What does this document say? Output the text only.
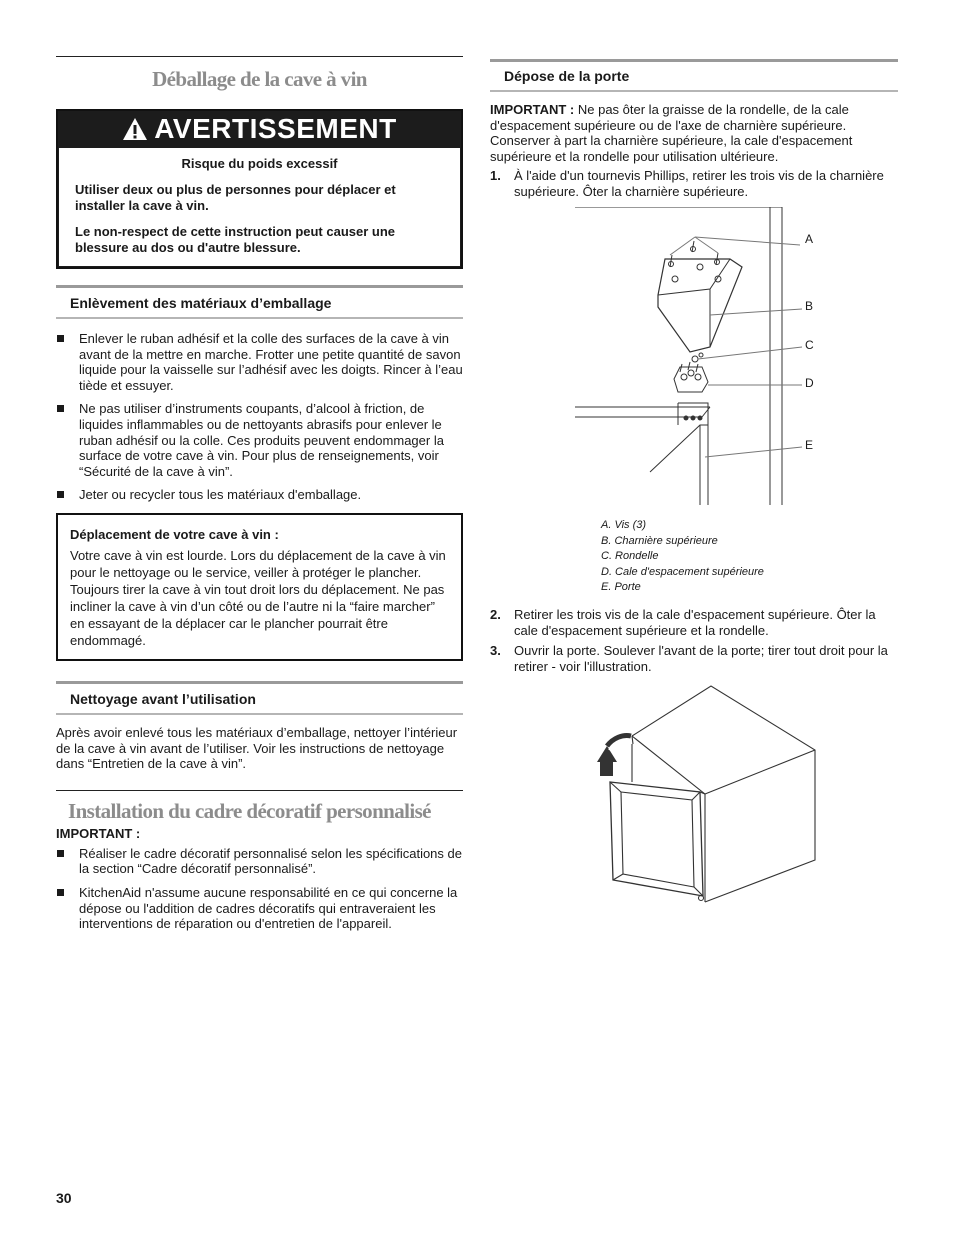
Déballage de la cave à vin
AVERTISSEMENT

Risque du poids excessif

Utiliser deux ou plus de personnes pour déplacer et installer la cave à vin.

Le non-respect de cette instruction peut causer une blessure au dos ou d'autre blessure.

Enlèvement des matériaux d’emballage
Enlever le ruban adhésif et la colle des surfaces de la cave à vin avant de la mettre en marche. Frotter une petite quantité de savon liquide pour la vaisselle sur l’adhésif avec les doigts. Rincer à l’eau tiède et essuyer.
Ne pas utiliser d’instruments coupants, d’alcool à friction, de liquides inflammables ou de nettoyants abrasifs pour enlever le ruban adhésif ou la colle. Ces produits peuvent endommager la surface de votre cave à vin. Pour plus de renseignements, voir “Sécurité de la cave à vin”.
Jeter ou recycler tous les matériaux d'emballage.

Déplacement de votre cave à vin :

Votre cave à vin est lourde. Lors du déplacement de la cave à vin pour le nettoyage ou le service, veiller à protéger le plancher. Toujours tirer la cave à vin tout droit lors du déplacement. Ne pas incliner la cave à vin d’un côté ou de l’autre ni la “faire marcher” en essayant de la déplacer car le plancher pourrait être endommagé.

Nettoyage avant l’utilisation

Après avoir enlevé tous les matériaux d’emballage, nettoyer l’intérieur de la cave à vin avant de l’utiliser. Voir les instructions de nettoyage dans “Entretien de la cave à vin”.

Installation du cadre décoratif personnalisé

IMPORTANT :

Réaliser le cadre décoratif personnalisé selon les spécifications de la section “Cadre décoratif personnalisé”.
KitchenAid n'assume aucune responsabilité en ce qui concerne la dépose ou l'addition de cadres décoratifs qui entraveraient les interventions de réparation ou d'entretien de l'appareil.
Dépose de la porte

IMPORTANT : Ne pas ôter la graisse de la rondelle, de la cale d'espacement supérieure ou de l'axe de charnière supérieure. Conserver à part la charnière supérieure, la cale d'espacement supérieure et la rondelle pour utilisation ultérieure.

1. À l'aide d'un tournevis Phillips, retirer les trois vis de la charnière supérieure. Ôter la charnière supérieure.
A
B
C
D
E
A. Vis (3)
B. Charnière supérieure
C. Rondelle
D. Cale d'espacement supérieure
E. Porte
2. Retirer les trois vis de la cale d'espacement supérieure. Ôter la cale d'espacement supérieure et la rondelle.
3. Ouvrir la porte. Soulever l'avant de la porte; tirer tout droit pour la retirer - voir l'illustration.
30
